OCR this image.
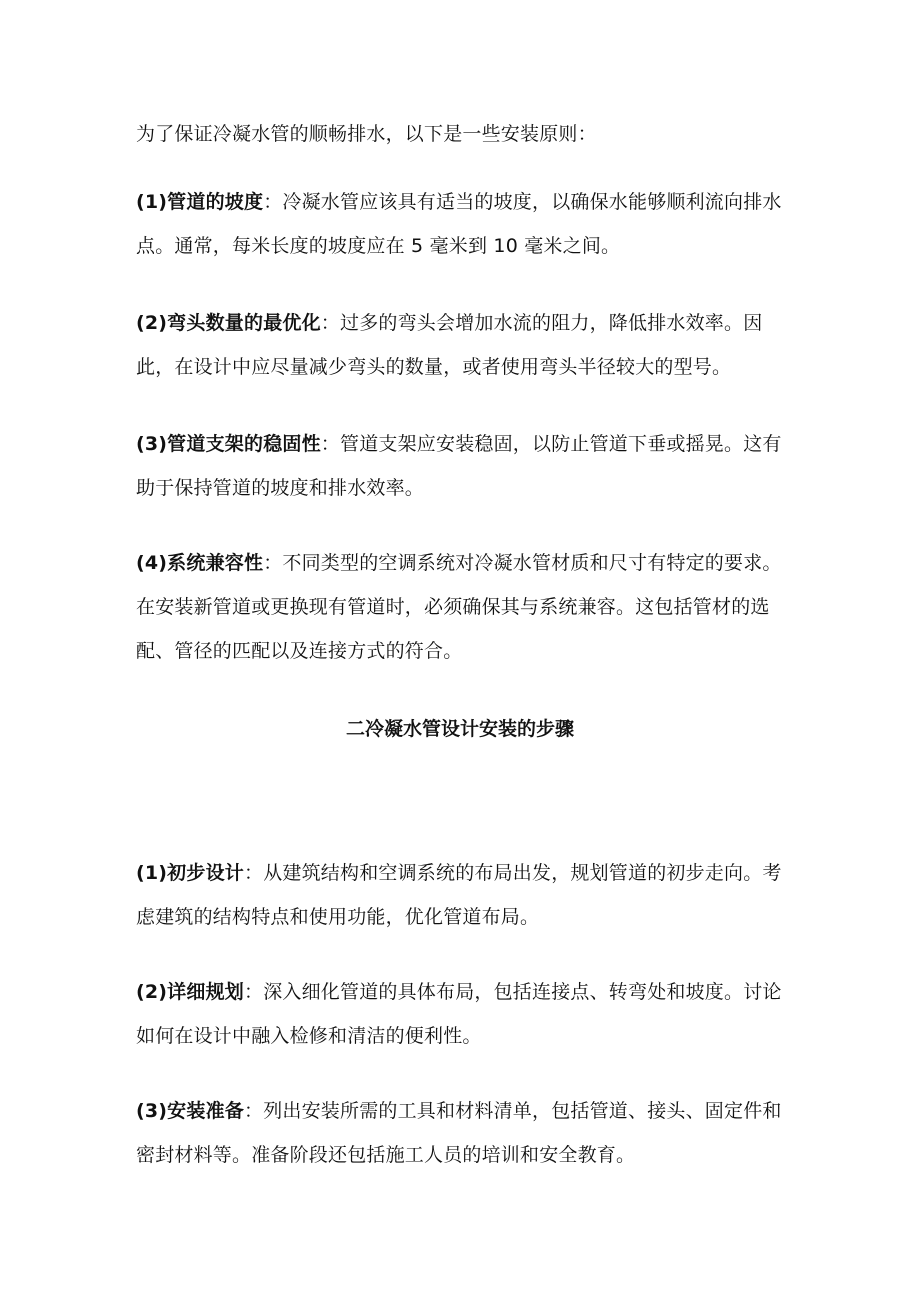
为了保证冷凝水管的顺畅排水，以下是一些安装原则：

(1)管道的坡度：冷凝水管应该具有适当的坡度，以确保水能够顺利流向排水点。通常，每米长度的坡度应在 5 毫米到 10 毫米之间。

(2)弯头数量的最优化：过多的弯头会增加水流的阻力，降低排水效率。因此，在设计中应尽量减少弯头的数量，或者使用弯头半径较大的型号。

(3)管道支架的稳固性：管道支架应安装稳固，以防止管道下垂或摇晃。这有助于保持管道的坡度和排水效率。

(4)系统兼容性：不同类型的空调系统对冷凝水管材质和尺寸有特定的要求。在安装新管道或更换现有管道时，必须确保其与系统兼容。这包括管材的选配、管径的匹配以及连接方式的符合。

二冷凝水管设计安装的步骤

(1)初步设计：从建筑结构和空调系统的布局出发，规划管道的初步走向。考虑建筑的结构特点和使用功能，优化管道布局。

(2)详细规划：深入细化管道的具体布局，包括连接点、转弯处和坡度。讨论如何在设计中融入检修和清洁的便利性。

(3)安装准备：列出安装所需的工具和材料清单，包括管道、接头、固定件和密封材料等。准备阶段还包括施工人员的培训和安全教育。
